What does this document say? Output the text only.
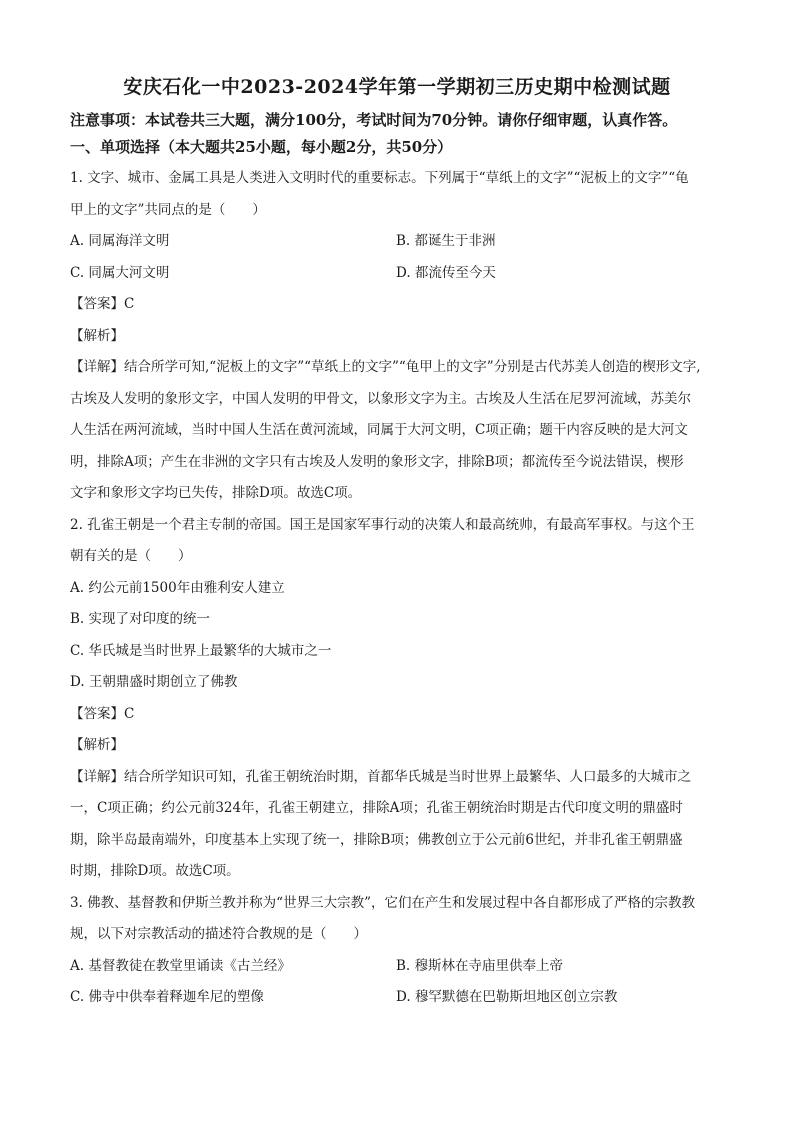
安庆石化一中2023-2024学年第一学期初三历史期中检测试题
注意事项：本试卷共三大题，满分100分，考试时间为70分钟。请你仔细审题，认真作答。
一、单项选择（本大题共25小题，每小题2分，共50分）

1. 文字、城市、金属工具是人类进入文明时代的重要标志。下列属于“草纸上的文字”“泥板上的文字”“龟

甲上的文字”共同点的是（　　）

A. 同属海洋文明	B. 都诞生于非洲
C. 同属大河文明	D. 都流传至今天
【答案】C
【解析】

【详解】结合所学可知,“泥板上的文字”“草纸上的文字”“龟甲上的文字”分别是古代苏美人创造的楔形文字,

古埃及人发明的象形文字，中国人发明的甲骨文，以象形文字为主。古埃及人生活在尼罗河流域，苏美尔

人生活在两河流域，当时中国人生活在黄河流域，同属于大河文明，C项正确；题干内容反映的是大河文

明，排除A项；产生在非洲的文字只有古埃及人发明的象形文字，排除B项；都流传至今说法错误，楔形

文字和象形文字均已失传，排除D项。故选C项。

2. 孔雀王朝是一个君主专制的帝国。国王是国家军事行动的决策人和最高统帅，有最高军事权。与这个王

朝有关的是（　　）

A. 约公元前1500年由雅利安人建立
B. 实现了对印度的统一
C. 华氏城是当时世界上最繁华的大城市之一
D. 王朝鼎盛时期创立了佛教
【答案】C
【解析】

【详解】结合所学知识可知，孔雀王朝统治时期，首都华氏城是当时世界上最繁华、人口最多的大城市之

一，C项正确；约公元前324年，孔雀王朝建立，排除A项；孔雀王朝统治时期是古代印度文明的鼎盛时

期，除半岛最南端外，印度基本上实现了统一，排除B项；佛教创立于公元前6世纪，并非孔雀王朝鼎盛

时期，排除D项。故选C项。

3. 佛教、基督教和伊斯兰教并称为“世界三大宗教”，它们在产生和发展过程中各自都形成了严格的宗教教

规，以下对宗教活动的描述符合教规的是（　　）

A. 基督教徒在教堂里诵读《古兰经》	B. 穆斯林在寺庙里供奉上帝
C. 佛寺中供奉着释迦牟尼的塑像	D. 穆罕默德在巴勒斯坦地区创立宗教
